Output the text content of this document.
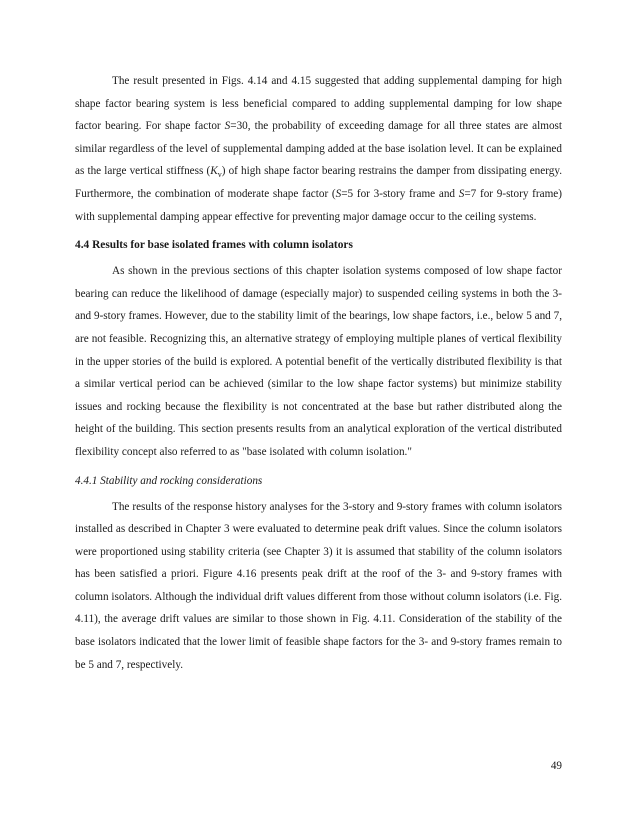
The result presented in Figs. 4.14 and 4.15 suggested that adding supplemental damping for high shape factor bearing system is less beneficial compared to adding supplemental damping for low shape factor bearing. For shape factor S=30, the probability of exceeding damage for all three states are almost similar regardless of the level of supplemental damping added at the base isolation level. It can be explained as the large vertical stiffness $(K_v)$ of high shape factor bearing restrains the damper from dissipating energy. Furthermore, the combination of moderate shape factor (S=5 for 3-story frame and S=7 for 9-story frame) with supplemental damping appear effective for preventing major damage occur to the ceiling systems.

4.4 Results for base isolated frames with column isolators

As shown in the previous sections of this chapter isolation systems composed of low shape factor bearing can reduce the likelihood of damage (especially major) to suspended ceiling systems in both the 3- and 9-story frames. However, due to the stability limit of the bearings, low shape factors, i.e., below 5 and 7, are not feasible. Recognizing this, an alternative strategy of employing multiple planes of vertical flexibility in the upper stories of the build is explored. A potential benefit of the vertically distributed flexibility is that a similar vertical period can be achieved (similar to the low shape factor systems) but minimize stability issues and rocking because the flexibility is not concentrated at the base but rather distributed along the height of the building. This section presents results from an analytical exploration of the vertical distributed flexibility concept also referred to as "base isolated with column isolation."

4.4.1 Stability and rocking considerations

The results of the response history analyses for the 3-story and 9-story frames with column isolators installed as described in Chapter 3 were evaluated to determine peak drift values. Since the column isolators were proportioned using stability criteria (see Chapter 3) it is assumed that stability of the column isolators has been satisfied a priori. Figure 4.16 presents peak drift at the roof of the 3- and 9-story frames with column isolators. Although the individual drift values different from those without column isolators (i.e. Fig. 4.11), the average drift values are similar to those shown in Fig. 4.11. Consideration of the stability of the base isolators indicated that the lower limit of feasible shape factors for the 3- and 9-story frames remain to be 5 and 7, respectively.

49
